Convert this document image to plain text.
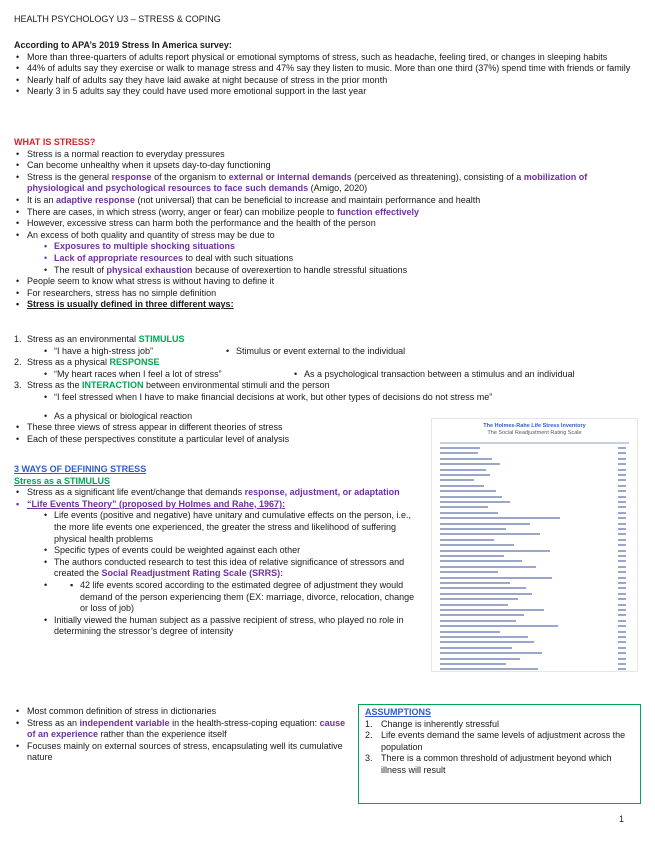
HEALTH PSYCHOLOGY U3 – STRESS & COPING
According to APA’s 2019 Stress In America survey:
• More than three-quarters of adults report physical or emotional symptoms of stress, such as headache, feeling tired, or changes in sleeping habits
• 44% of adults say they exercise or walk to manage stress and 47% say they listen to music. More than one third (37%) spend time with friends or family
• Nearly half of adults say they have laid awake at night because of stress in the prior month
• Nearly 3 in 5 adults say they could have used more emotional support in the last year
WHAT IS STRESS?
• Stress is a normal reaction to everyday pressures
• Can become unhealthy when it upsets day-to-day functioning
• Stress is the general response of the organism to external or internal demands (perceived as threatening), consisting of a mobilization of physiological and psychological resources to face such demands (Amigo, 2020)
• It is an adaptive response (not universal) that can be beneficial to increase and maintain performance and health
• There are cases, in which stress (worry, anger or fear) can mobilize people to function effectively
• However, excessive stress can harm both the performance and the health of the person
• An excess of both quality and quantity of stress may be due to
• Exposures to multiple shocking situations
• Lack of appropriate resources to deal with such situations
• The result of physical exhaustion because of overexertion to handle stressful situations
• People seem to know what stress is without having to define it
• For researchers, stress has no simple definition
• Stress is usually defined in three different ways:
1. Stress as an environmental STIMULUS
• “I have a high-stress job”	• Stimulus or event external to the individual
2. Stress as a physical RESPONSE
• “My heart races when I feel a lot of stress”	• As a psychological transaction between a stimulus and an individual
3. Stress as the INTERACTION between environmental stimuli and the person
• “I feel stressed when I have to make financial decisions at work, but other types of decisions do not stress me”
• As a physical or biological reaction
• These three views of stress appear in different theories of stress
• Each of these perspectives constitute a particular level of analysis
3 WAYS OF DEFINING STRESS
Stress as a STIMULUS
• Stress as a significant life event/change that demands response, adjustment, or adaptation
• “Life Events Theory” (proposed by Holmes and Rahe, 1967):
• Life events (positive and negative) have unitary and cumulative effects on the person, i.e., the more life events one experienced, the greater the stress and likelihood of suffering physical health problems
• Specific types of events could be weighted against each other
• The authors conducted research to test this idea of relative significance of stressors and created the Social Readjustment Rating Scale (SRRS):
• ▪ 42 life events scored according to the estimated degree of adjustment they would demand of the person experiencing them (EX: marriage, divorce, relocation, change or loss of job)
• Initially viewed the human subject as a passive recipient of stress, who played no role in determining the stressor’s degree of intensity
• Most common definition of stress in dictionaries
• Stress as an independent variable in the health-stress-coping equation: cause of an experience rather than the experience itself
• Focuses mainly on external sources of stress, encapsulating well its cumulative nature
The Holmes-Rahe Life Stress Inventory
The Social Readjustment Rating Scale
ASSUMPTIONS
1. Change is inherently stressful
2. Life events demand the same levels of adjustment across the population
3. There is a common threshold of adjustment beyond which illness will result
1
